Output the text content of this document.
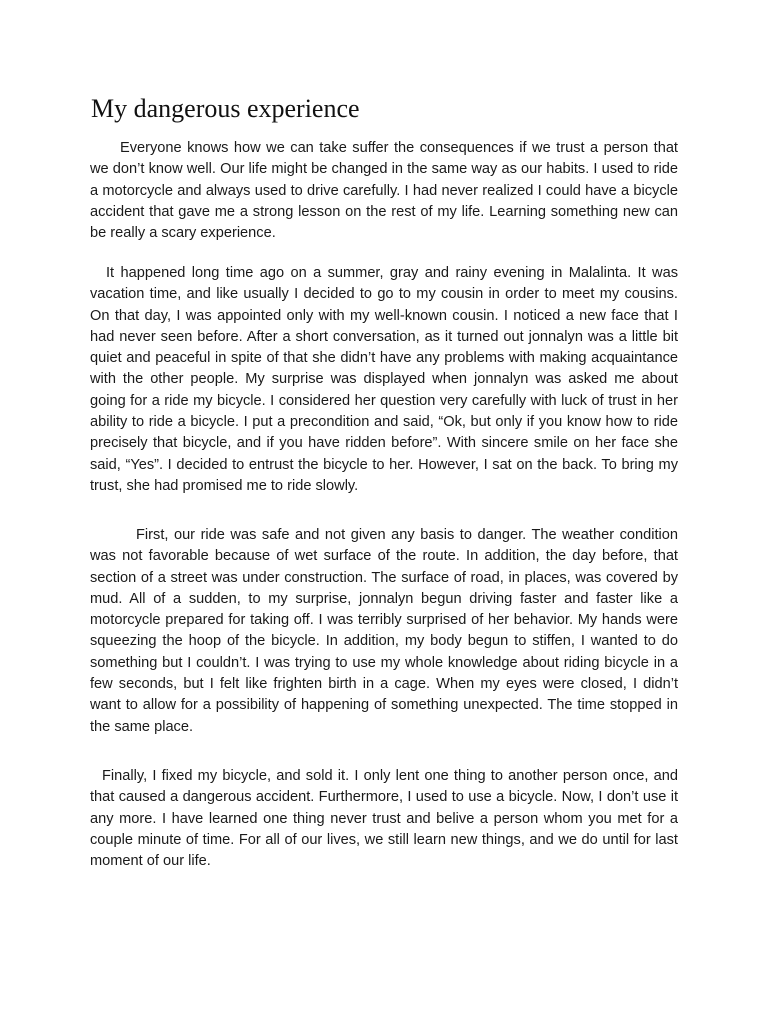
My dangerous experience

Everyone knows how we can take suffer the consequences if we trust a person that we don’t know well. Our life might be changed in the same way as our habits. I used to ride a motorcycle and always used to drive carefully. I had never realized I could have a bicycle accident that gave me a strong lesson on the rest of my life. Learning something new can be really a scary experience.

It happened long time ago on a summer, gray and rainy evening in Malalinta. It was vacation time, and like usually I decided to go to my cousin in order to meet my cousins. On that day, I was appointed only with my well-known cousin. I noticed a new face that I had never seen before. After a short conversation, as it turned out jonnalyn was a little bit quiet and peaceful in spite of that she didn’t have any problems with making acquaintance with the other people. My surprise was displayed when jonnalyn was asked me about going for a ride my bicycle. I considered her question very carefully with luck of trust in her ability to ride a bicycle. I put a precondition and said, “Ok, but only if you know how to ride precisely that bicycle, and if you have ridden before”. With sincere smile on her face she said, “Yes”. I decided to entrust the bicycle to her. However, I sat on the back. To bring my trust, she had promised me to ride slowly.

First, our ride was safe and not given any basis to danger. The weather condition was not favorable because of wet surface of the route. In addition, the day before, that section of a street was under construction. The surface of road, in places, was covered by mud. All of a sudden, to my surprise, jonnalyn begun driving faster and faster like a motorcycle prepared for taking off. I was terribly surprised of her behavior. My hands were squeezing the hoop of the bicycle. In addition, my body begun to stiffen, I wanted to do something but I couldn’t. I was trying to use my whole knowledge about riding bicycle in a few seconds, but I felt like frighten birth in a cage. When my eyes were closed, I didn’t want to allow for a possibility of happening of something unexpected. The time stopped in the same place.

Finally, I fixed my bicycle, and sold it. I only lent one thing to another person once, and that caused a dangerous accident. Furthermore, I used to use a bicycle. Now, I don’t use it any more. I have learned one thing never trust and belive a person whom you met for a couple minute of time. For all of our lives, we still learn new things, and we do until for last moment of our life.
